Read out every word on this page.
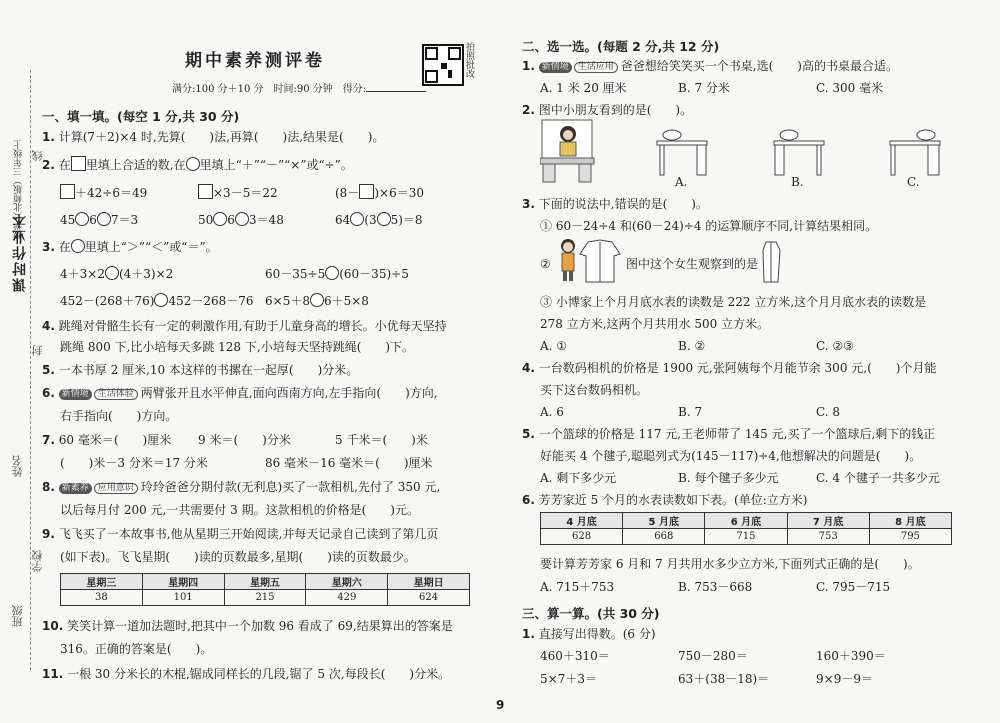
课时作业本
数学（北师版）三年级上 线
封
姓名
学校
班级
期中素养测评卷
满分:100 分＋10 分　时间:90 分钟　得分:
拍照批改
一、填一填。(每空 1 分,共 30 分)
1. 计算(7＋2)×4 时,先算(　　)法,再算(　　)法,结果是(　　)。
2. 在 里填上合适的数,在 里填上“＋”“－”“×”或“÷”。
＋42÷6＝49	×3－5＝22	(8－ )×6＝30
45 6 7＝3	50 6 3＝48	64 (3 5)＝8
3. 在 里填上“＞”“＜”或“＝”。
4＋3×2 (4＋3)×2	60－35÷5 (60－35)÷5
452－(268＋76) 452－268－76 6×5＋8 6＋5×8
4. 跳绳对骨骼生长有一定的刺激作用,有助于儿童身高的增长。小优每天坚持
跳绳 800 下,比小培每天多跳 128 下,小培每天坚持跳绳(　　)下。
5. 一本书厚 2 厘米,10 本这样的书摞在一起厚(　　)分米。
6. 新情境 生活体验 两臂张开且水平伸直,面向西南方向,左手指向(　　)方向,
右手指向(　　)方向。
7. 60 毫米＝(　　)厘米 9 米＝(　　)分米	5 千米＝(　　)米
(　　)米－3 分米＝17 分米	86 毫米－16 毫米＝(　　)厘米
8. 新素养 应用意识 玲玲爸爸分期付款(无利息)买了一款相机,先付了 350 元,
以后每月付 200 元,一共需要付 3 期。这款相机的价格是(　　)元。
9. 飞飞买了一本故事书,他从星期三开始阅读,并每天记录自己读到了第几页
(如下表)。飞飞星期(　　)读的页数最多,星期(　　)读的页数最少。
星期三	星期四	星期五	星期六	星期日
38	101	215	429	624
10. 笑笑计算一道加法题时,把其中一个加数 96 看成了 69,结果算出的答案是
316。正确的答案是(　　)。
11. 一根 30 分米长的木棍,锯成同样长的几段,锯了 5 次,每段长(　　)分米。
二、选一选。(每题 2 分,共 12 分)
1. 新情境 生活应用 爸爸想给笑笑买一个书桌,选(　　)高的书桌最合适。
A. 1 米 20 厘米	B. 7 分米	C. 300 毫米
2. 图中小朋友看到的是(　　)。
A.	B.	C.
3. 下面的说法中,错误的是(　　)。
① 60－24÷4 和(60－24)÷4 的运算顺序不同,计算结果相同。
②	图中这个女生观察到的是
③ 小博家上个月月底水表的读数是 222 立方米,这个月月底水表的读数是
278 立方米,这两个月共用水 500 立方米。
A. ①	B. ②	C. ②③
4. 一台数码相机的价格是 1900 元,张阿姨每个月能节余 300 元,(　　)个月能
买下这台数码相机。
A. 6	B. 7	C. 8
5. 一个篮球的价格是 117 元,王老师带了 145 元,买了一个篮球后,剩下的钱正
好能买 4 个毽子,聪聪列式为(145－117)÷4,他想解决的问题是(　　)。
A. 剩下多少元	B. 每个毽子多少元	C. 4 个毽子一共多少元
6. 芳芳家近 5 个月的水表读数如下表。(单位:立方米)
4 月底	5 月底	6 月底	7 月底	8 月底
628	668	715	753	795
要计算芳芳家 6 月和 7 月共用水多少立方米,下面列式正确的是(　　)。
A. 715＋753	B. 753－668	C. 795－715
三、算一算。(共 30 分)
1. 直接写出得数。(6 分)
460＋310＝	750－280＝	160＋390＝
5×7＋3＝	63＋(38－18)＝	9×9－9＝
9
